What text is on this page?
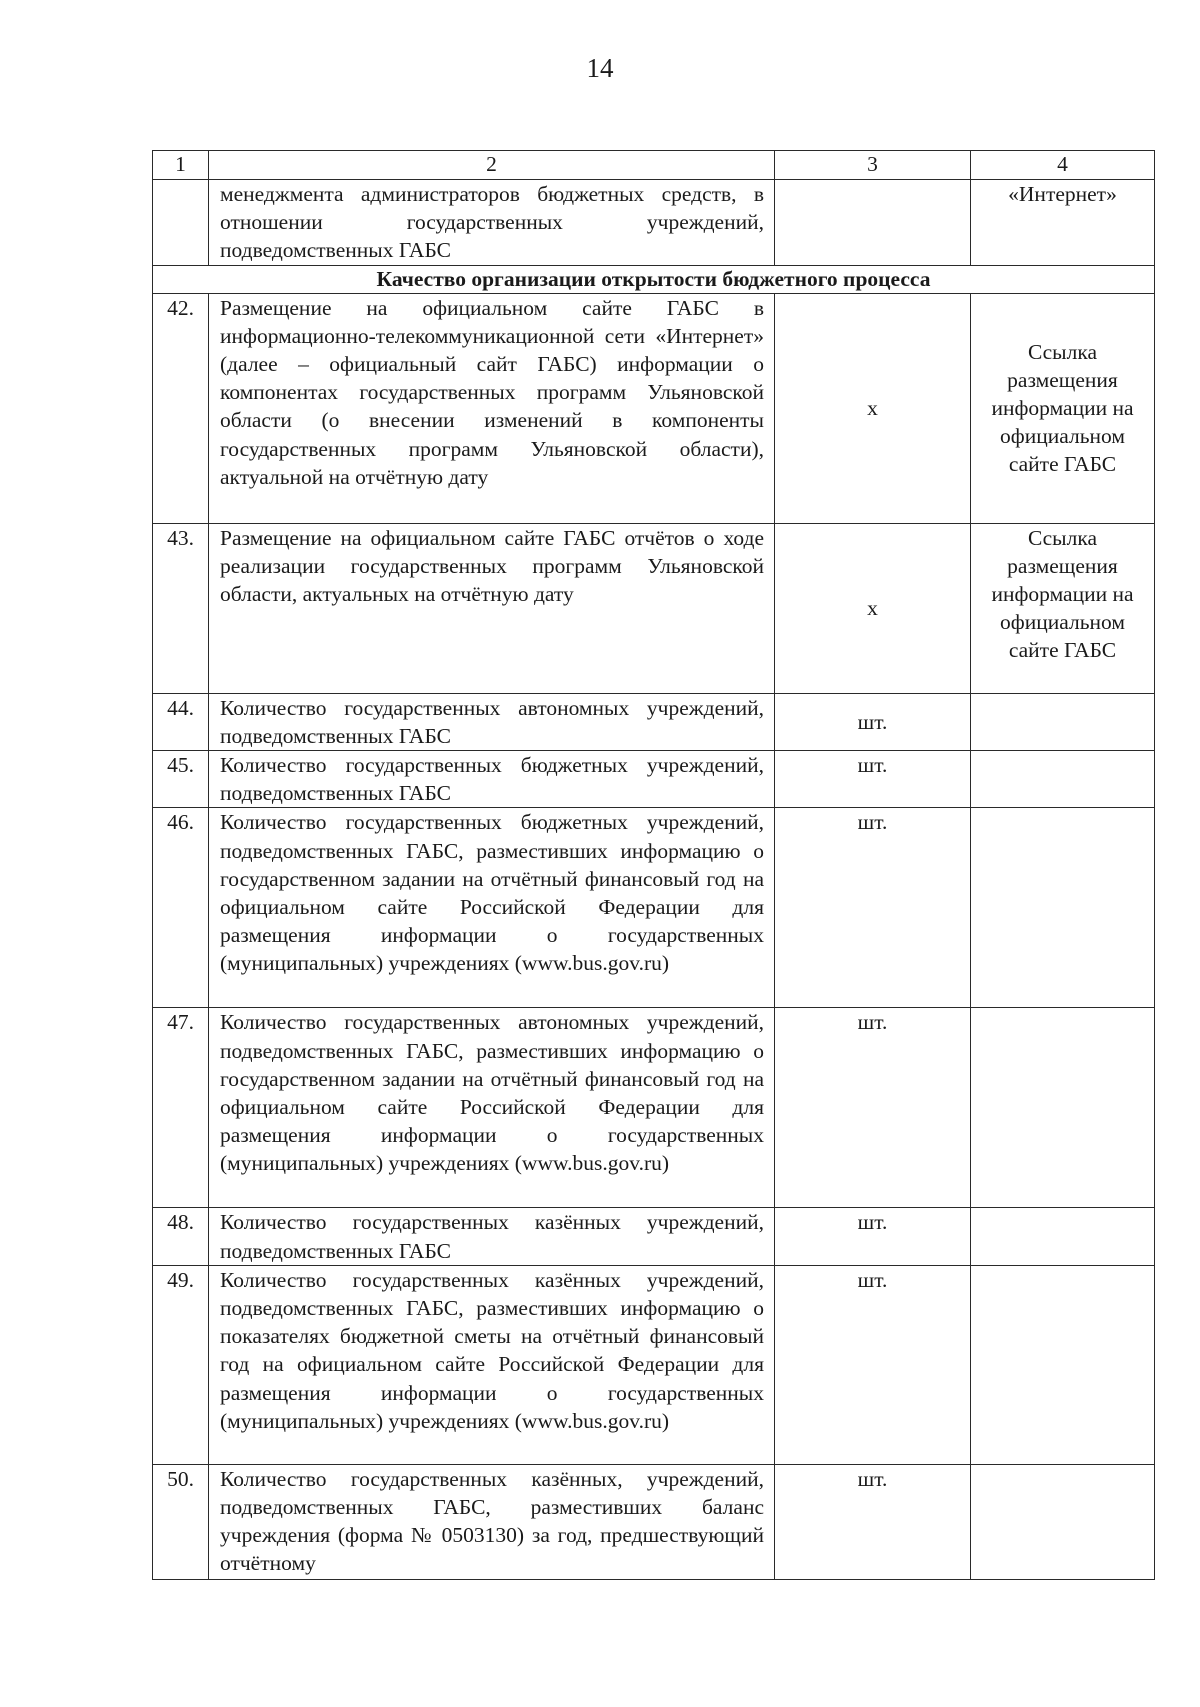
14
1	2	3	4
	менеджмента администраторов бюджетных средств, в отношении государственных учреждений, подведомственных ГАБС		«Интернет»
Качество организации открытости бюджетного процесса			
42.	Размещение на официальном сайте ГАБС в информационно-телекоммуникационной сети «Интернет» (далее – официальный сайт ГАБС) информации о компонентах государственных программ Ульяновской области (о внесении изменений в компоненты государственных программ Ульяновской области), актуальной на отчётную дату	х	Ссылка размещения информации на официальном сайте ГАБС
43.	Размещение на официальном сайте ГАБС отчётов о ходе реализации государственных программ Ульяновской области, актуальных на отчётную дату	х	Ссылка размещения информации на официальном сайте ГАБС
44.	Количество государственных автономных учреждений, подведомственных ГАБС	шт.	
45.	Количество государственных бюджетных учреждений, подведомственных ГАБС	шт.	
46.	Количество государственных бюджетных учреждений, подведомственных ГАБС, разместивших информацию о государственном задании на отчётный финансовый год на официальном сайте Российской Федерации для размещения информации о государственных (муниципальных) учреждениях (www.bus.gov.ru)	шт.	
47.	Количество государственных автономных учреждений, подведомственных ГАБС, разместивших информацию о государственном задании на отчётный финансовый год на официальном сайте Российской Федерации для размещения информации о государственных (муниципальных) учреждениях (www.bus.gov.ru)	шт.	
48.	Количество государственных казённых учреждений, подведомственных ГАБС	шт.	
49.	Количество государственных казённых учреждений, подведомственных ГАБС, разместивших информацию о показателях бюджетной сметы на отчётный финансовый год на официальном сайте Российской Федерации для размещения информации о государственных (муниципальных) учреждениях (www.bus.gov.ru)	шт.	
50.	Количество государственных казённых, учреждений, подведомственных ГАБС, разместивших баланс учреждения (форма № 0503130) за год, предшествующий отчётному	шт.	
